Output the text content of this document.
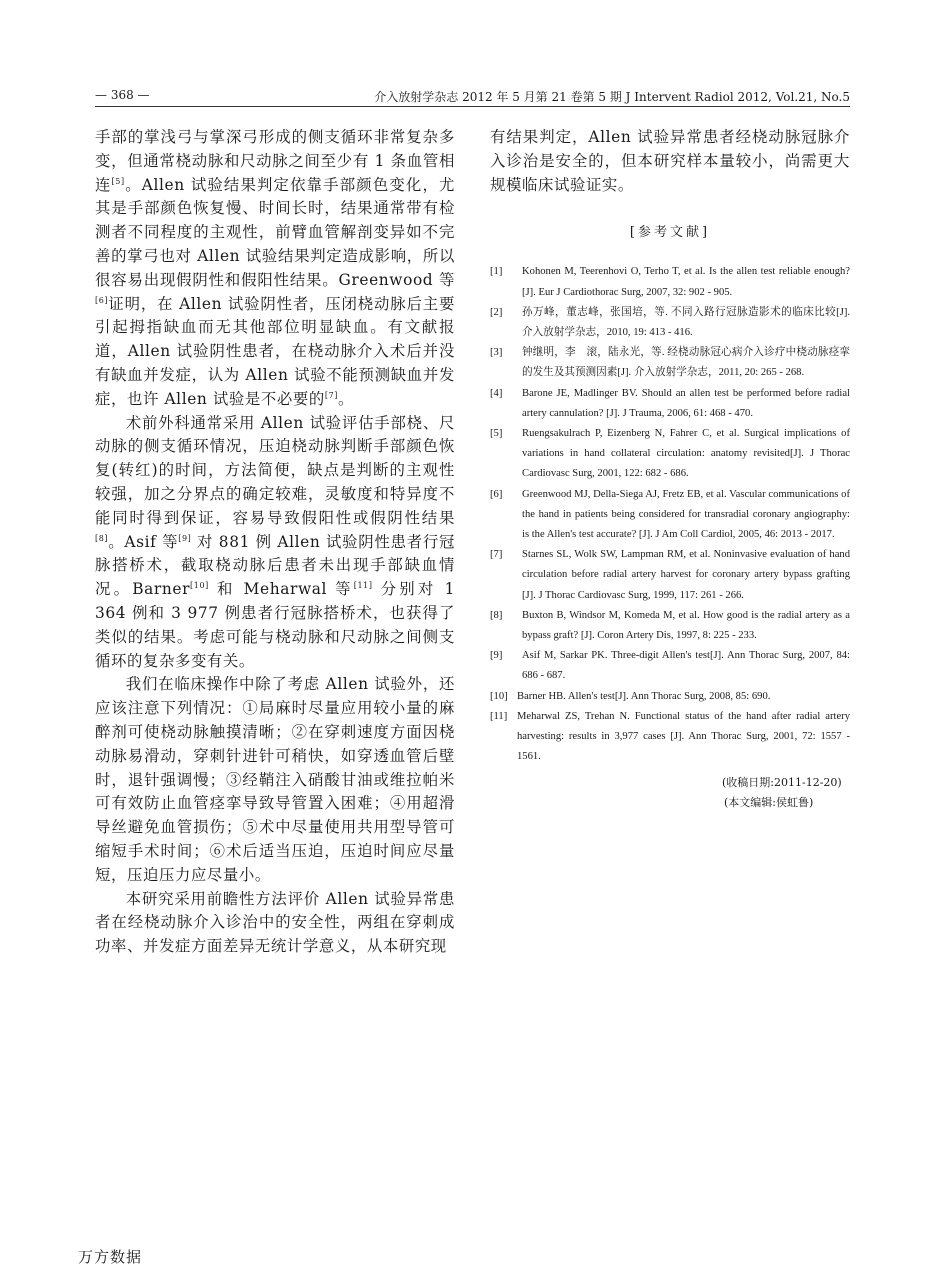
— 368 —	介入放射学杂志 2012 年 5 月第 21 卷第 5 期 J Intervent Radiol 2012, Vol.21, No.5

手部的掌浅弓与掌深弓形成的侧支循环非常复杂多变，但通常桡动脉和尺动脉之间至少有 1 条血管相连[5]。Allen 试验结果判定依靠手部颜色变化，尤其是手部颜色恢复慢、时间长时，结果通常带有检测者不同程度的主观性，前臂血管解剖变异如不完善的掌弓也对 Allen 试验结果判定造成影响，所以很容易出现假阴性和假阳性结果。Greenwood 等[6]证明，在 Allen 试验阴性者，压闭桡动脉后主要引起拇指缺血而无其他部位明显缺血。有文献报道，Allen 试验阴性患者，在桡动脉介入术后并没有缺血并发症，认为 Allen 试验不能预测缺血并发症，也许 Allen 试验是不必要的[7]。

术前外科通常采用 Allen 试验评估手部桡、尺动脉的侧支循环情况，压迫桡动脉判断手部颜色恢复(转红)的时间，方法简便，缺点是判断的主观性较强，加之分界点的确定较难，灵敏度和特异度不能同时得到保证，容易导致假阳性或假阴性结果[8]。Asif 等[9] 对 881 例 Allen 试验阴性患者行冠脉搭桥术，截取桡动脉后患者未出现手部缺血情况。Barner[10] 和 Meharwal 等[11] 分别对 1 364 例和 3 977 例患者行冠脉搭桥术，也获得了类似的结果。考虑可能与桡动脉和尺动脉之间侧支循环的复杂多变有关。

我们在临床操作中除了考虑 Allen 试验外，还应该注意下列情况：①局麻时尽量应用较小量的麻醉剂可使桡动脉触摸清晰；②在穿刺速度方面因桡动脉易滑动，穿刺针进针可稍快，如穿透血管后壁时，退针强调慢；③经鞘注入硝酸甘油或维拉帕米可有效防止血管痉挛导致导管置入困难；④用超滑导丝避免血管损伤；⑤术中尽量使用共用型导管可缩短手术时间；⑥术后适当压迫，压迫时间应尽量短，压迫压力应尽量小。

本研究采用前瞻性方法评价 Allen 试验异常患者在经桡动脉介入诊治中的安全性，两组在穿刺成功率、并发症方面差异无统计学意义，从本研究现

有结果判定，Allen 试验异常患者经桡动脉冠脉介入诊治是安全的，但本研究样本量较小，尚需更大规模临床试验证实。

[参考文献]
[1]	Kohonen M, Teerenhovi O, Terho T, et al. Is the allen test reliable enough? [J]. Eur J Cardiothorac Surg, 2007, 32: 902 - 905.
[2]	孙万峰，董志峰，张国培，等. 不同入路行冠脉造影术的临床比较[J]. 介入放射学杂志，2010, 19: 413 - 416.
[3]	钟继明，李　滚，陆永光，等. 经桡动脉冠心病介入诊疗中桡动脉痉挛的发生及其预测因素[J]. 介入放射学杂志，2011, 20: 265 - 268.
[4]	Barone JE, Madlinger BV. Should an allen test be performed before radial artery cannulation? [J]. J Trauma, 2006, 61: 468 - 470.
[5]	Ruengsakulrach P, Eizenberg N, Fahrer C, et al. Surgical implications of variations in hand collateral circulation: anatomy revisited[J]. J Thorac Cardiovasc Surg, 2001, 122: 682 - 686.
[6]	Greenwood MJ, Della-Siega AJ, Fretz EB, et al. Vascular communications of the hand in patients being considered for transradial coronary angiography: is the Allen's test accurate? [J]. J Am Coll Cardiol, 2005, 46: 2013 - 2017.
[7]	Starnes SL, Wolk SW, Lampman RM, et al. Noninvasive evaluation of hand circulation before radial artery harvest for coronary artery bypass grafting [J]. J Thorac Cardiovasc Surg, 1999, 117: 261 - 266.
[8]	Buxton B, Windsor M, Komeda M, et al. How good is the radial artery as a bypass graft? [J]. Coron Artery Dis, 1997, 8: 225 - 233.
[9]	Asif M, Sarkar PK. Three-digit Allen's test[J]. Ann Thorac Surg, 2007, 84: 686 - 687.
[10] Barner HB. Allen's test[J]. Ann Thorac Surg, 2008, 85: 690.
[11] Meharwal ZS, Trehan N. Functional status of the hand after radial artery harvesting: results in 3,977 cases [J]. Ann Thorac Surg, 2001, 72: 1557 - 1561.
(收稿日期:2011-12-20)
(本文编辑:侯虹鲁)
万方数据
